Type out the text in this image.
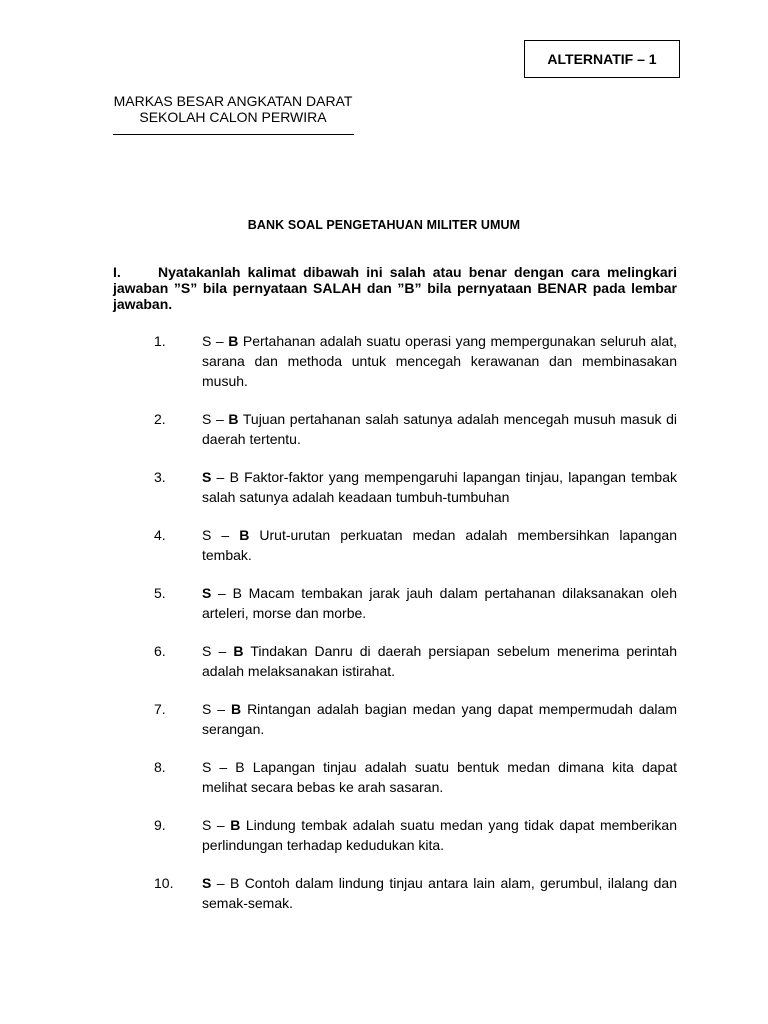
ALTERNATIF – 1
MARKAS BESAR ANGKATAN DARAT
SEKOLAH CALON PERWIRA
BANK SOAL PENGETAHUAN MILITER UMUM
I.	Nyatakanlah kalimat dibawah ini salah atau benar dengan cara melingkari jawaban ”S” bila pernyataan SALAH dan ”B” bila pernyataan BENAR pada lembar jawaban.
1.	S – B Pertahanan adalah suatu operasi yang mempergunakan seluruh alat, sarana dan methoda untuk mencegah kerawanan dan membinasakan musuh.
2.	S – B Tujuan pertahanan salah satunya adalah mencegah musuh masuk di daerah tertentu.
3.	S – B Faktor-faktor yang mempengaruhi lapangan tinjau, lapangan tembak salah satunya adalah keadaan tumbuh-tumbuhan
4.	S – B Urut-urutan perkuatan medan adalah membersihkan lapangan tembak.
5.	S – B Macam tembakan jarak jauh dalam pertahanan dilaksanakan oleh arteleri, morse dan morbe.
6.	S – B Tindakan Danru di daerah persiapan sebelum menerima perintah adalah melaksanakan istirahat.
7.	S – B Rintangan adalah bagian medan yang dapat mempermudah dalam serangan.
8.	S – B Lapangan tinjau adalah suatu bentuk medan dimana kita dapat melihat secara bebas ke arah sasaran.
9.	S – B Lindung tembak adalah suatu medan yang tidak dapat memberikan perlindungan terhadap kedudukan kita.
10.	S – B Contoh dalam lindung tinjau antara lain alam, gerumbul, ilalang dan semak-semak.
